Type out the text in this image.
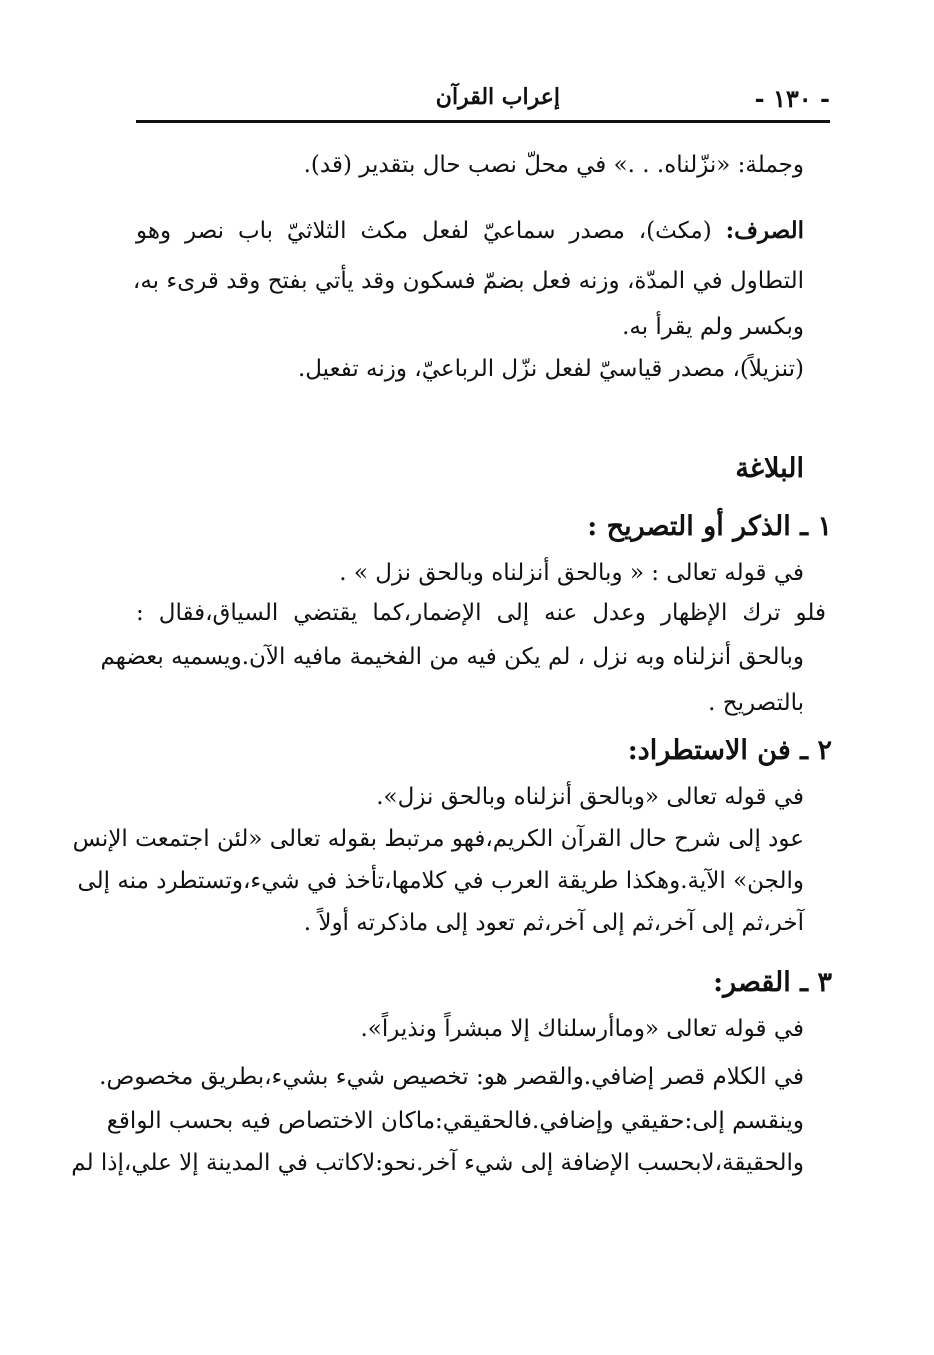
- ١٣٠ -
إعراب القرآن
وجملة: «نزّلناه. . .» في محلّ نصب حال بتقدير (قد).
الصرف: (مكث)، مصدر سماعيّ لفعل مكث الثلاثيّ باب نصر وهو
التطاول في المدّة، وزنه فعل بضمّ فسكون وقد يأتي بفتح وقد قرىء به،
وبكسر ولم يقرأ به.
(تنزيلاً)، مصدر قياسيّ لفعل نزّل الرباعيّ، وزنه تفعيل.
البلاغة
١ ـ الذكر أو التصريح :
في قوله تعالى : « وبالحق أنزلناه وبالحق نزل » .
فلو ترك الإظهار وعدل عنه إلى الإضمار،كما يقتضي السياق،فقال :
وبالحق أنزلناه وبه نزل ، لم يكن فيه من الفخيمة مافيه الآن.ويسميه بعضهم
بالتصريح .
٢ ـ فن الاستطراد:
في قوله تعالى «وبالحق أنزلناه وبالحق نزل».
عود إلى شرح حال القرآن الكريم،فهو مرتبط بقوله تعالى «لئن اجتمعت الإنس
والجن» الآية.وهكذا طريقة العرب في كلامها،تأخذ في شيء،وتستطرد منه إلى
آخر،ثم إلى آخر،ثم إلى آخر،ثم تعود إلى ماذكرته أولاً .
٣ ـ القصر:
في قوله تعالى «وماأرسلناك إلا مبشراً ونذيراً».
في الكلام قصر إضافي.والقصر هو: تخصيص شيء بشيء،بطريق مخصوص.
وينقسم إلى:حقيقي وإضافي.فالحقيقي:ماكان الاختصاص فيه بحسب الواقع
والحقيقة،لابحسب الإضافة إلى شيء آخر.نحو:لاكاتب في المدينة إلا علي،إذا لم
